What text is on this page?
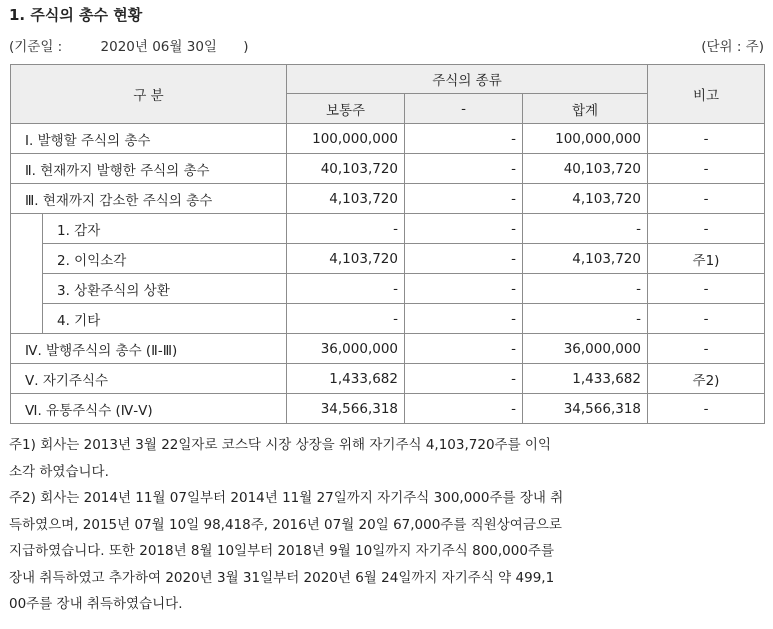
1. 주식의 총수 현황
(기준일 :	2020년 06월 30일 )	(단위 : 주)
구 분		주식의 종류			비고
		보통주	-	합계	
Ⅰ. 발행할 주식의 총수		100,000,000	-	100,000,000	-
Ⅱ. 현재까지 발행한 주식의 총수		40,103,720	-	40,103,720	-
Ⅲ. 현재까지 감소한 주식의 총수		4,103,720	-	4,103,720	-
	1. 감자	-	-	-	-
	2. 이익소각	4,103,720	-	4,103,720	주1)
	3. 상환주식의 상환	-	-	-	-
	4. 기타	-	-	-	-
Ⅳ. 발행주식의 총수 (Ⅱ-Ⅲ)		36,000,000	-	36,000,000	-
Ⅴ. 자기주식수		1,433,682	-	1,433,682	주2)
Ⅵ. 유통주식수 (Ⅳ-Ⅴ)		34,566,318	-	34,566,318	-

주1) 회사는 2013년 3월 22일자로 코스닥 시장 상장을 위해 자기주식 4,103,720주를 이익

소각 하였습니다.

주2) 회사는 2014년 11월 07일부터 2014년 11월 27일까지 자기주식 300,000주를 장내 취

득하였으며, 2015년 07월 10일 98,418주, 2016년 07월 20일 67,000주를 직원상여금으로

지급하였습니다. 또한 2018년 8월 10일부터 2018년 9월 10일까지 자기주식 800,000주를

장내 취득하였고 추가하여 2020년 3월 31일부터 2020년 6월 24일까지 자기주식 약 499,1

00주를 장내 취득하였습니다.
